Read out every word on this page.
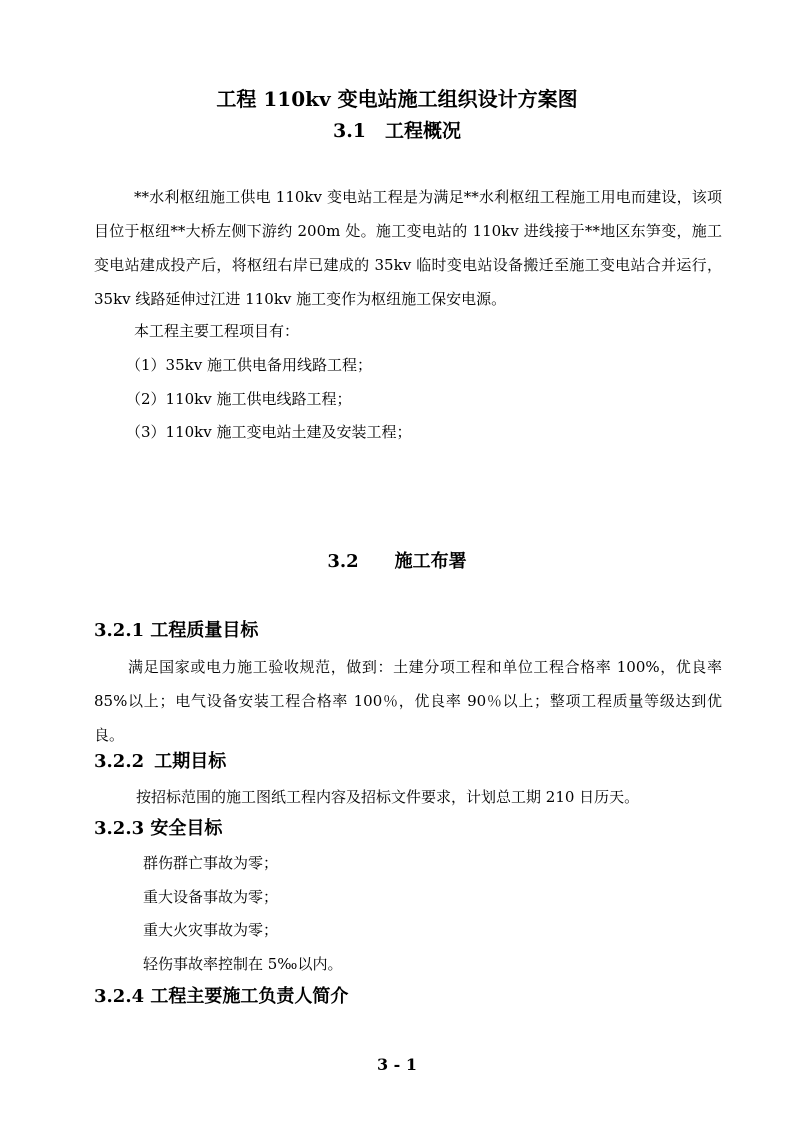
工程 110kv 变电站施工组织设计方案图
3.1　工程概况
**水利枢纽施工供电 110kv 变电站工程是为满足**水利枢纽工程施工用电而建设，该项目位于枢纽**大桥左侧下游约 200m 处。施工变电站的 110kv 进线接于**地区东笋变，施工变电站建成投产后，将枢纽右岸已建成的 35kv 临时变电站设备搬迁至施工变电站合并运行，35kv 线路延伸过江进 110kv 施工变作为枢纽施工保安电源。
本工程主要工程项目有：
（1）35kv 施工供电备用线路工程；
（2）110kv 施工供电线路工程；
（3）110kv 施工变电站土建及安装工程；
3.2　　施工布署
3.2.1 工程质量目标
满足国家或电力施工验收规范，做到：土建分项工程和单位工程合格率 100%，优良率 85%以上；电气设备安装工程合格率 100％，优良率 90％以上；整项工程质量等级达到优良。
3.2.2 工期目标
按招标范围的施工图纸工程内容及招标文件要求，计划总工期 210 日历天。
3.2.3 安全目标
群伤群亡事故为零；
重大设备事故为零；
重大火灾事故为零；
轻伤事故率控制在 5‰以内。
3.2.4 工程主要施工负责人简介
3 - 1
